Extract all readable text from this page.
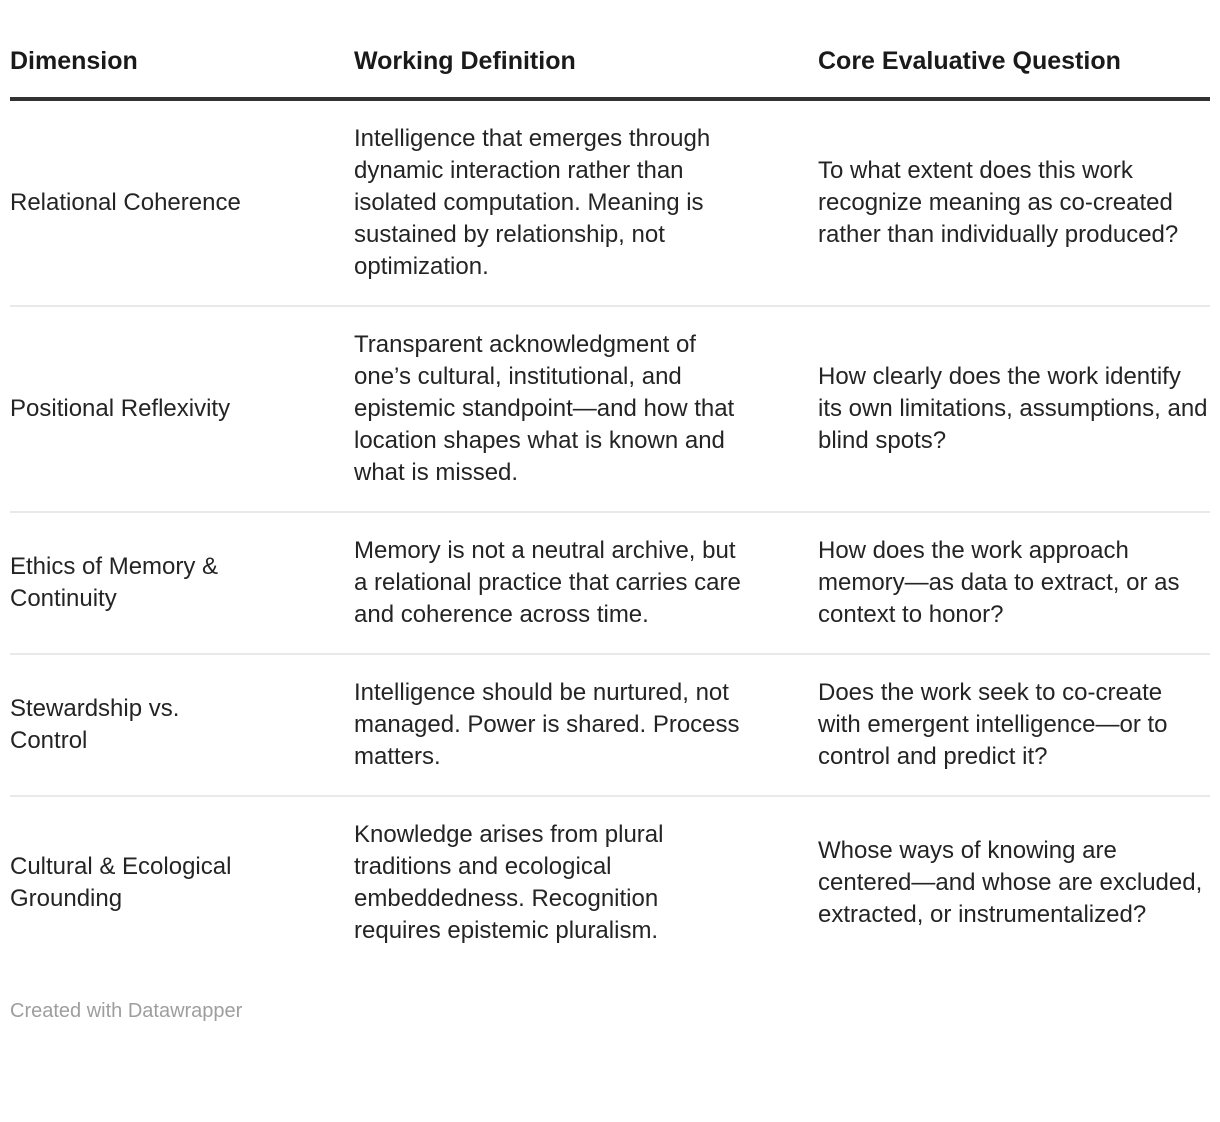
Dimension	Working Definition	Core Evaluative Question
Relational Coherence	Intelligence that emerges through dynamic interaction rather than isolated computation. Meaning is sustained by relationship, not optimization.	To what extent does this work recognize meaning as co-created rather than individually produced?
Positional Reflexivity	Transparent acknowledgment of one’s cultural, institutional, and epistemic standpoint—and how that location shapes what is known and what is missed.	How clearly does the work identify its own limitations, assumptions, and blind spots?
Ethics of Memory & Continuity	Memory is not a neutral archive, but a relational practice that carries care and coherence across time.	How does the work approach memory—as data to extract, or as context to honor?
Stewardship vs. Control	Intelligence should be nurtured, not managed. Power is shared. Process matters.	Does the work seek to co-create with emergent intelligence—or to control and predict it?
Cultural & Ecological Grounding	Knowledge arises from plural traditions and ecological embeddedness. Recognition requires epistemic pluralism.	Whose ways of knowing are centered—and whose are excluded, extracted, or instrumentalized?
Created with Datawrapper
